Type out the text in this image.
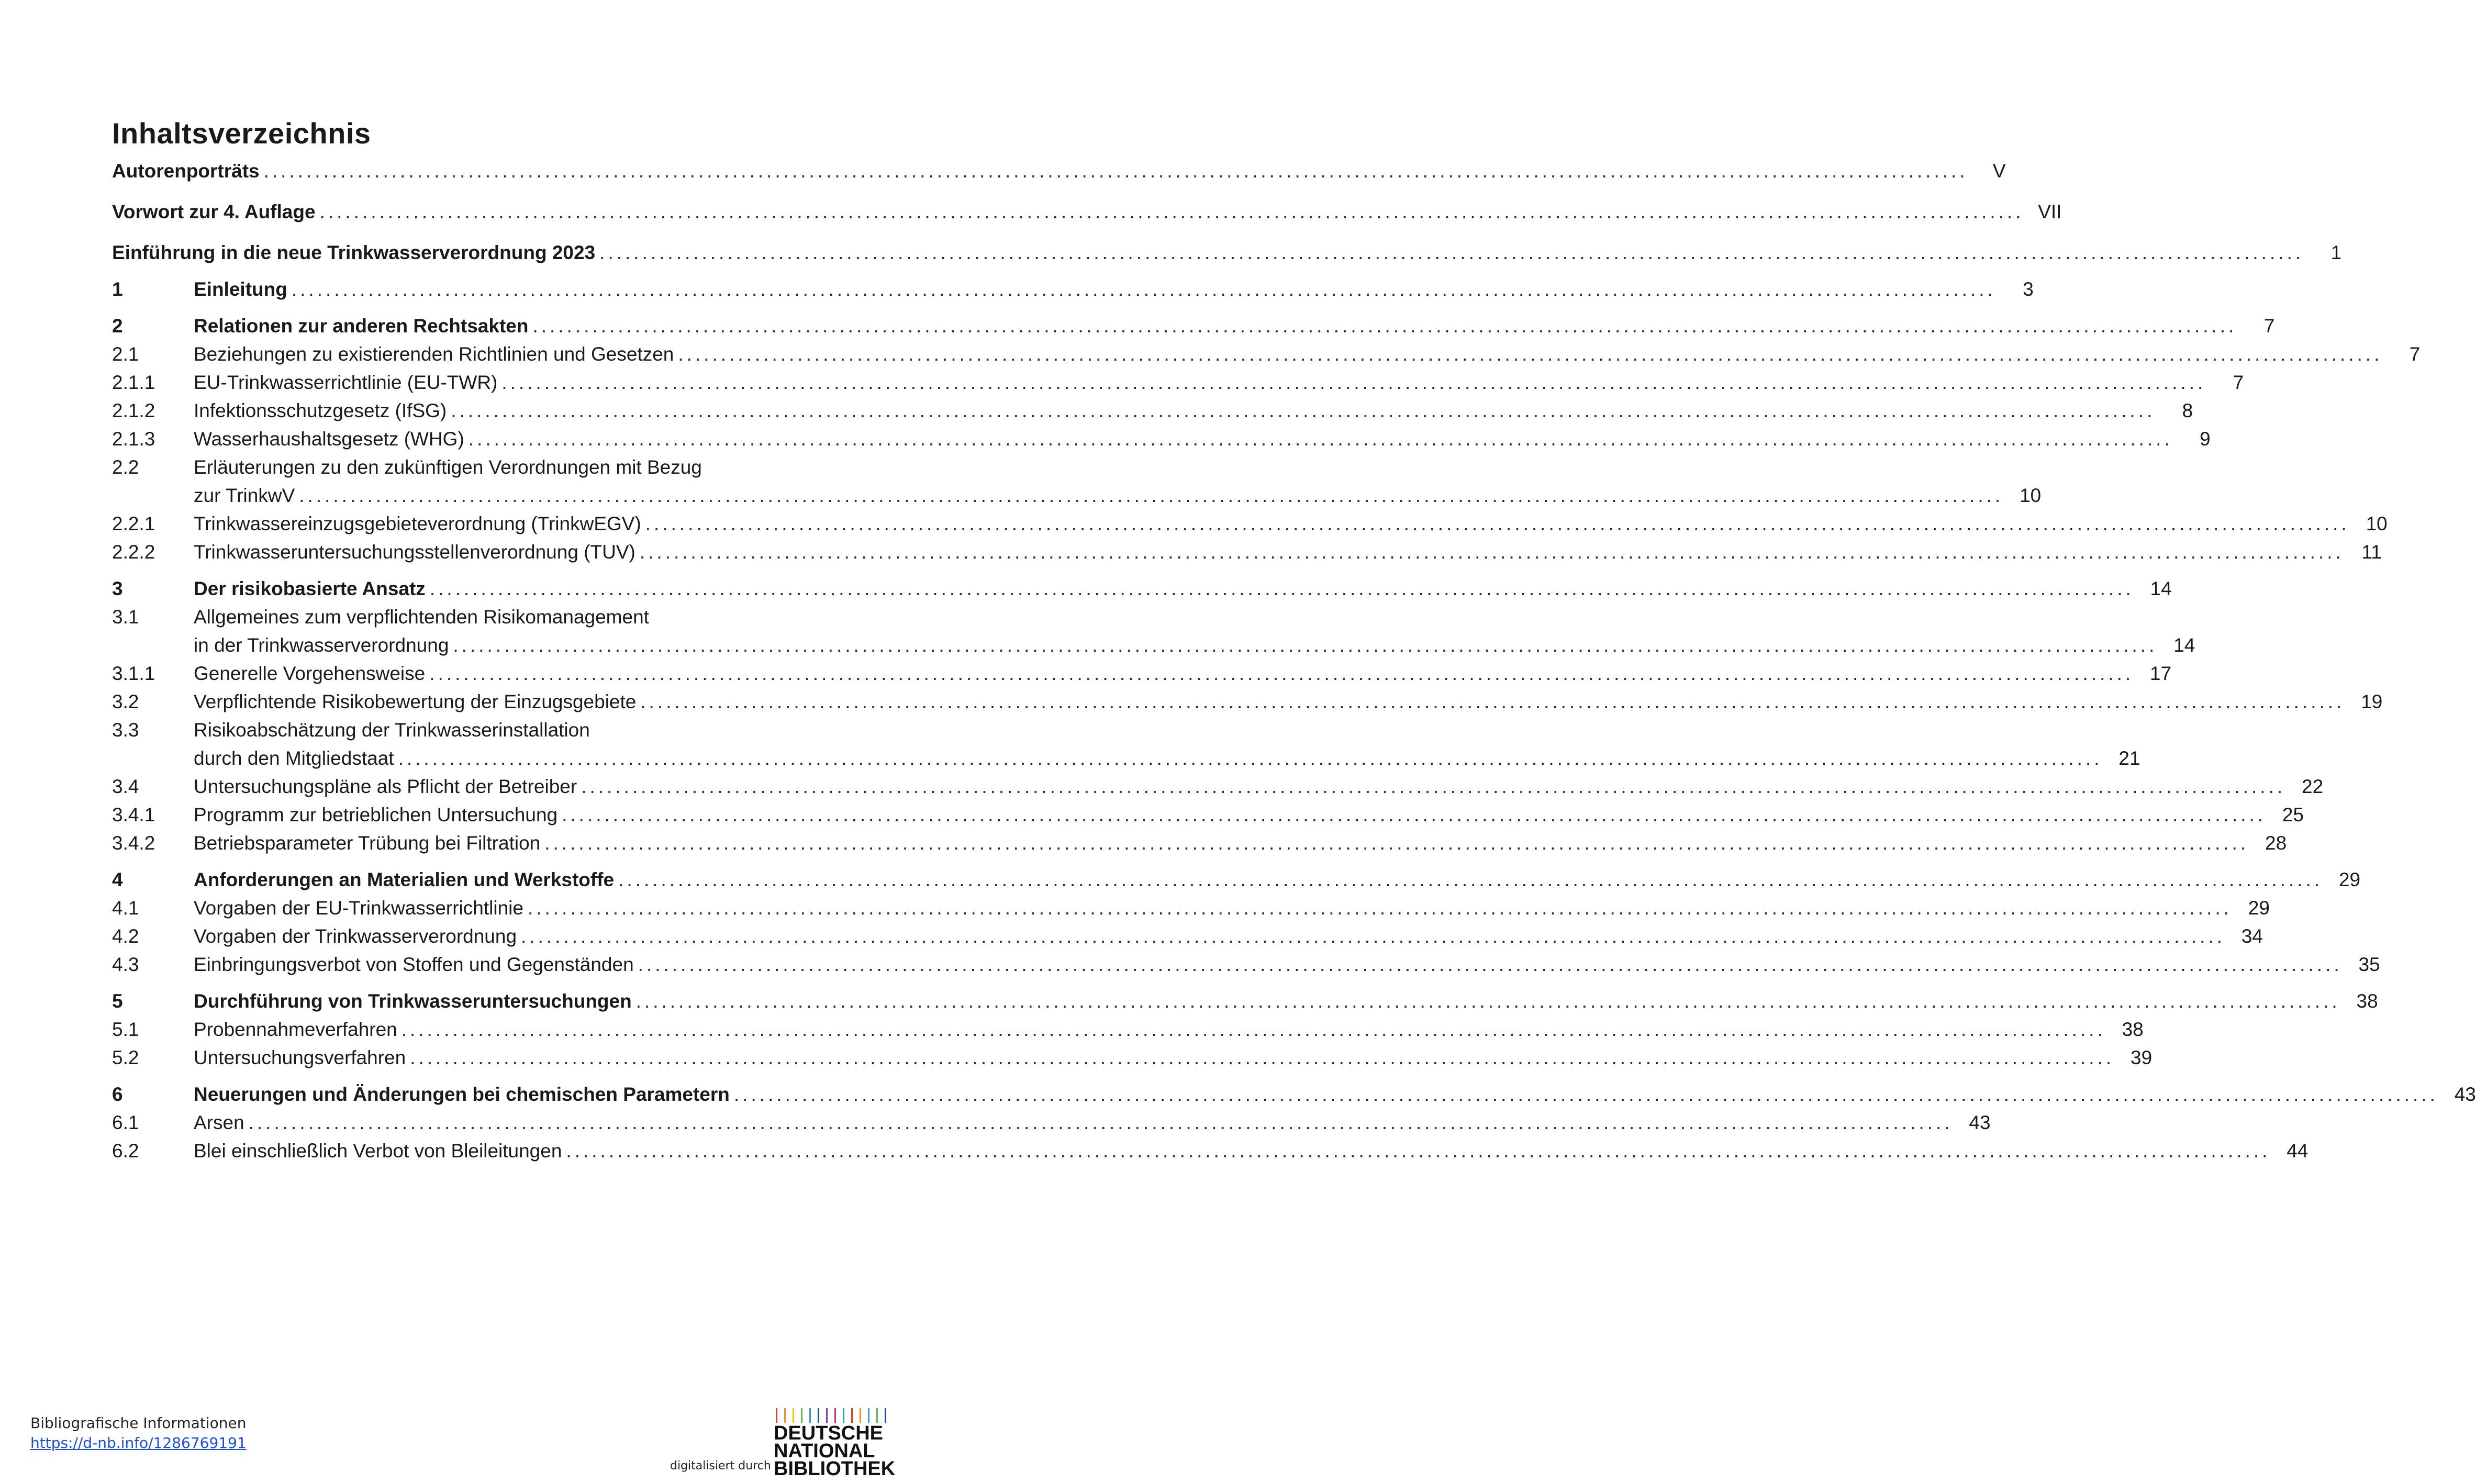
Inhaltsverzeichnis
Autorenporträts ........................................................................................................................................................................................................	V
Vorwort zur 4. Auflage ........................................................................................................................................................................................................ VII
Einführung in die neue Trinkwasserverordnung 2023 ........................................................................................................................................................................................................	1
1	Einleitung ........................................................................................................................................................................................................	3
2	Relationen zur anderen Rechtsakten ........................................................................................................................................................................................................	7
2.1	Beziehungen zu existierenden Richtlinien und Gesetzen ........................................................................................................................................................................................................	7
2.1.1 EU-Trinkwasserrichtlinie (EU-TWR) ........................................................................................................................................................................................................	7
2.1.2 Infektionsschutzgesetz (IfSG) ........................................................................................................................................................................................................	8
2.1.3 Wasserhaushaltsgesetz (WHG) ........................................................................................................................................................................................................	9
2.2	Erläuterungen zu den zukünftigen Verordnungen mit Bezug
zur TrinkwV ........................................................................................................................................................................................................ 10
2.2.1 Trinkwassereinzugsgebieteverordnung (TrinkwEGV) ........................................................................................................................................................................................................ 10
2.2.2 Trinkwasseruntersuchungsstellenverordnung (TUV) ........................................................................................................................................................................................................ 11
3	Der risikobasierte Ansatz ........................................................................................................................................................................................................ 14
3.1	Allgemeines zum verpflichtenden Risikomanagement
in der Trinkwasserverordnung ........................................................................................................................................................................................................ 14
3.1.1 Generelle Vorgehensweise ........................................................................................................................................................................................................ 17
3.2	Verpflichtende Risikobewertung der Einzugsgebiete ........................................................................................................................................................................................................ 19
3.3	Risikoabschätzung der Trinkwasserinstallation
durch den Mitgliedstaat ........................................................................................................................................................................................................ 21
3.4	Untersuchungspläne als Pflicht der Betreiber ........................................................................................................................................................................................................ 22
3.4.1 Programm zur betrieblichen Untersuchung ........................................................................................................................................................................................................ 25
3.4.2 Betriebsparameter Trübung bei Filtration ........................................................................................................................................................................................................ 28
4	Anforderungen an Materialien und Werkstoffe ........................................................................................................................................................................................................ 29
4.1	Vorgaben der EU-Trinkwasserrichtlinie ........................................................................................................................................................................................................ 29
4.2	Vorgaben der Trinkwasserverordnung ........................................................................................................................................................................................................ 34
4.3	Einbringungsverbot von Stoffen und Gegenständen ........................................................................................................................................................................................................ 35
5	Durchführung von Trinkwasseruntersuchungen ........................................................................................................................................................................................................ 38
5.1	Probennahmeverfahren ........................................................................................................................................................................................................ 38
5.2	Untersuchungsverfahren ........................................................................................................................................................................................................ 39
6	Neuerungen und Änderungen bei chemischen Parametern ........................................................................................................................................................................................................ 43
6.1	Arsen ........................................................................................................................................................................................................ 43
6.2	Blei einschließlich Verbot von Bleileitungen ........................................................................................................................................................................................................ 44
Bibliografische Informationen
https://d-nb.info/1286769191
digitalisiert durch
DEUTSCHE
NATIONAL
BIBLIOTHEK
